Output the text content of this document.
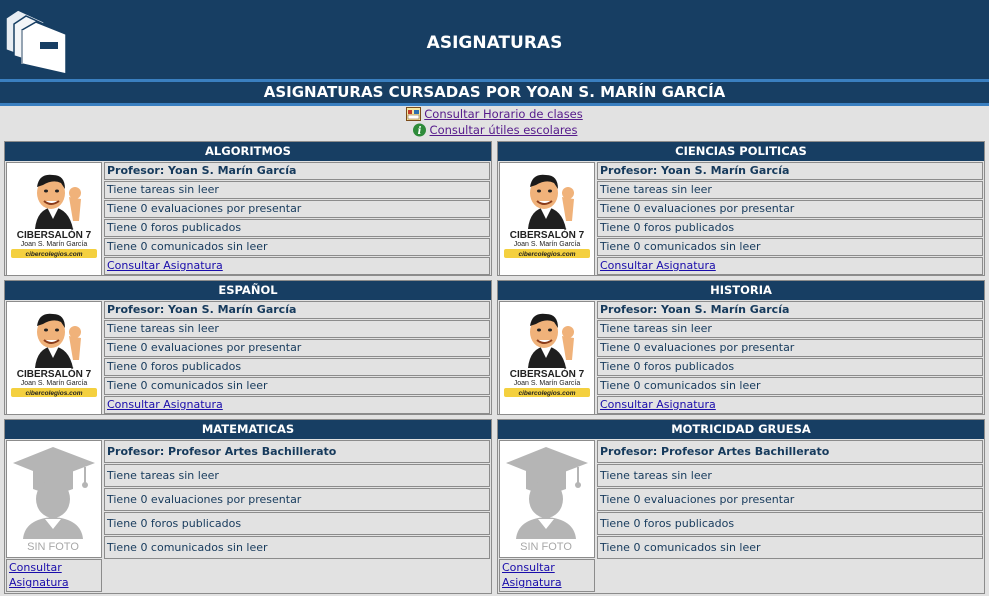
ASIGNATURAS
ASIGNATURAS CURSADAS POR YOAN S. MARÍN GARCÍA
Consultar Horario de clases
i Consultar útiles escolares
ALGORITMOS
CIBERSALÓN 7
Joan S. Marín García
cibercolegios.com
Profesor: Yoan S. Marín García
Tiene tareas sin leer
Tiene 0 evaluaciones por presentar
Tiene 0 foros publicados
Tiene 0 comunicados sin leer
Consultar Asignatura
CIENCIAS POLITICAS
CIBERSALÓN 7
Joan S. Marín García
cibercolegios.com
Profesor: Yoan S. Marín García
Tiene tareas sin leer
Tiene 0 evaluaciones por presentar
Tiene 0 foros publicados
Tiene 0 comunicados sin leer
Consultar Asignatura
ESPAÑOL
CIBERSALÓN 7
Joan S. Marín García
cibercolegios.com
Profesor: Yoan S. Marín García
Tiene tareas sin leer
Tiene 0 evaluaciones por presentar
Tiene 0 foros publicados
Tiene 0 comunicados sin leer
Consultar Asignatura
HISTORIA
CIBERSALÓN 7
Joan S. Marín García
cibercolegios.com
Profesor: Yoan S. Marín García
Tiene tareas sin leer
Tiene 0 evaluaciones por presentar
Tiene 0 foros publicados
Tiene 0 comunicados sin leer
Consultar Asignatura
MATEMATICAS
SIN FOTO
Profesor: Profesor Artes Bachillerato
Tiene tareas sin leer
Tiene 0 evaluaciones por presentar
Tiene 0 foros publicados
Tiene 0 comunicados sin leer
Consultar Asignatura
MOTRICIDAD GRUESA
SIN FOTO
Profesor: Profesor Artes Bachillerato
Tiene tareas sin leer
Tiene 0 evaluaciones por presentar
Tiene 0 foros publicados
Tiene 0 comunicados sin leer
Consultar Asignatura
